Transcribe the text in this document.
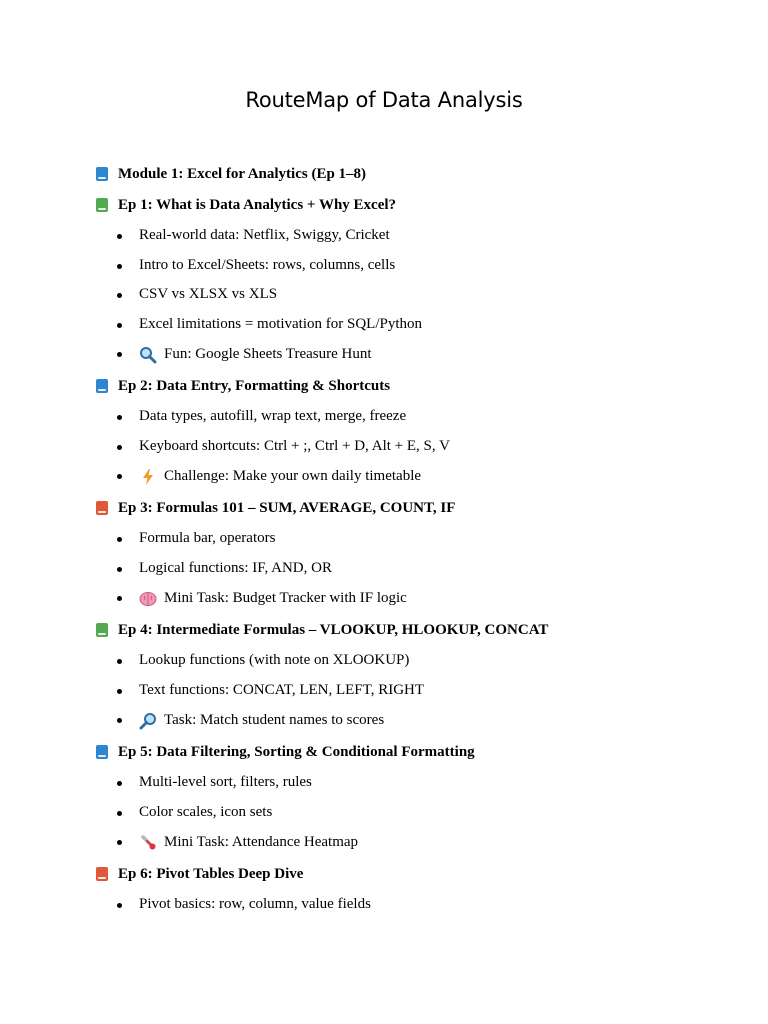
RouteMap of Data Analysis
Module 1: Excel for Analytics (Ep 1–8)
Ep 1: What is Data Analytics + Why Excel?
Real-world data: Netflix, Swiggy, Cricket
Intro to Excel/Sheets: rows, columns, cells
CSV vs XLSX vs XLS
Excel limitations = motivation for SQL/Python
Fun: Google Sheets Treasure Hunt
Ep 2: Data Entry, Formatting & Shortcuts
Data types, autofill, wrap text, merge, freeze
Keyboard shortcuts: Ctrl + ;, Ctrl + D, Alt + E, S, V
Challenge: Make your own daily timetable
Ep 3: Formulas 101 – SUM, AVERAGE, COUNT, IF
Formula bar, operators
Logical functions: IF, AND, OR
Mini Task: Budget Tracker with IF logic
Ep 4: Intermediate Formulas – VLOOKUP, HLOOKUP, CONCAT
Lookup functions (with note on XLOOKUP)
Text functions: CONCAT, LEN, LEFT, RIGHT
Task: Match student names to scores
Ep 5: Data Filtering, Sorting & Conditional Formatting
Multi-level sort, filters, rules
Color scales, icon sets
Mini Task: Attendance Heatmap
Ep 6: Pivot Tables Deep Dive
Pivot basics: row, column, value fields
